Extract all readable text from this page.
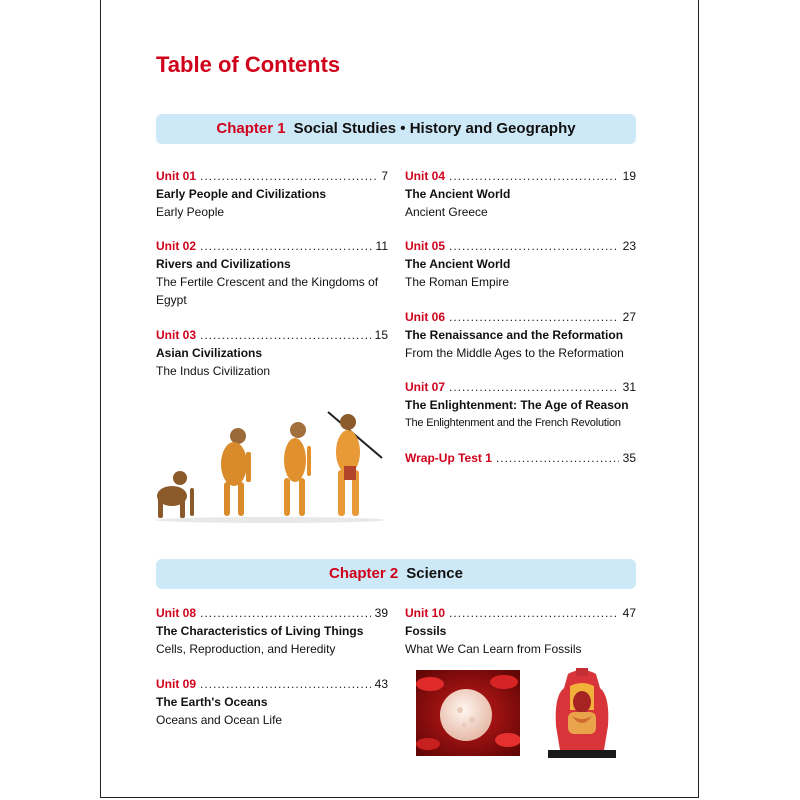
Table of Contents
Chapter 1 Social Studies • History and Geography
Unit 01 .....	7
Early People and Civilizations
Early People
Unit 02 .....	11
Rivers and Civilizations
The Fertile Crescent and the Kingdoms of Egypt
Unit 03 .....	15
Asian Civilizations
The Indus Civilization
Unit 04 .....	19
The Ancient World
Ancient Greece
Unit 05 .....	23
The Ancient World
The Roman Empire
Unit 06 .....	27
The Renaissance and the Reformation
From the Middle Ages to the Reformation
Unit 07 .....	31
The Enlightenment: The Age of Reason
The Enlightenment and the French Revolution
Wrap-Up Test 1 .....	35
Chapter 2 Science
Unit 08 .....	39
The Characteristics of Living Things
Cells, Reproduction, and Heredity
Unit 09 .....	43
The Earth's Oceans
Oceans and Ocean Life
Unit 10 .....	47
Fossils
What We Can Learn from Fossils
